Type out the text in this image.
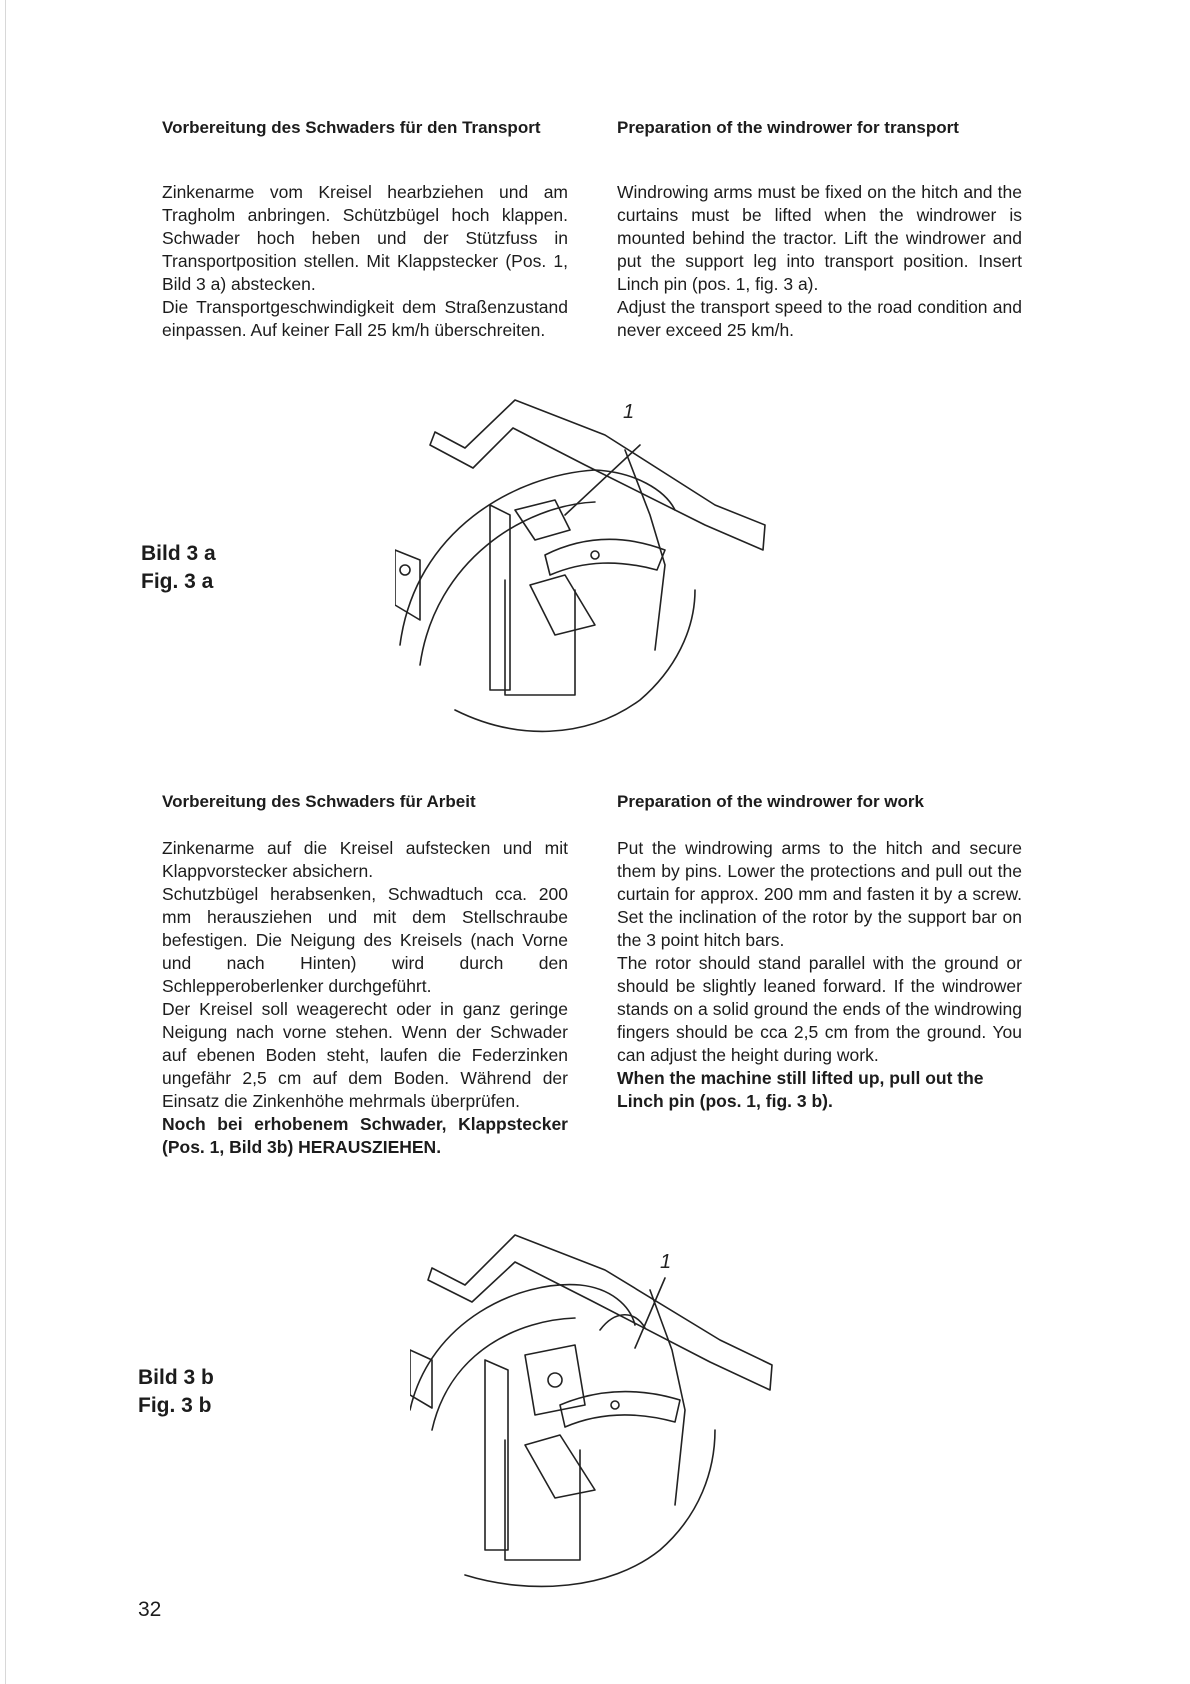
Vorbereitung des Schwaders für den Transport

Zinkenarme vom Kreisel hearbziehen und am Tragholm anbringen. Schützbügel hoch klappen. Schwader hoch heben und der Stützfuss in Transportposition stellen. Mit Klappstecker (Pos. 1, Bild 3 a) abstecken.

Die Transportgeschwindigkeit dem Straßenzustand einpassen. Auf keiner Fall 25 km/h überschreiten.

Preparation of the windrower for transport

Windrowing arms must be fixed on the hitch and the curtains must be lifted when the windrower is mounted behind the tractor. Lift the windrower and put the support leg into transport position. Insert Linch pin (pos. 1, fig. 3 a).

Adjust the transport speed to the road condition and never exceed 25 km/h.

Bild 3 a
Fig. 3 a
1

Vorbereitung des Schwaders für Arbeit

Zinkenarme auf die Kreisel aufstecken und mit Klappvorstecker absichern.

Schutzbügel herabsenken, Schwadtuch cca. 200 mm herausziehen und mit dem Stellschraube befestigen. Die Neigung des Kreisels (nach Vorne und nach Hinten) wird durch den Schlepperoberlenker durchgeführt.

Der Kreisel soll weagerecht oder in ganz geringe Neigung nach vorne stehen. Wenn der Schwader auf ebenen Boden steht, laufen die Federzinken ungefähr 2,5 cm auf dem Boden. Während der Einsatz die Zinkenhöhe mehrmals überprüfen.

Noch bei erhobenem Schwader, Klappstecker (Pos. 1, Bild 3b) HERAUSZIEHEN.

Preparation of the windrower for work

Put the windrowing arms to the hitch and secure them by pins. Lower the protections and pull out the curtain for approx. 200 mm and fasten it by a screw. Set the inclination of the rotor by the support bar on the 3 point hitch bars.

The rotor should stand parallel with the ground or should be slightly leaned forward. If the windrower stands on a solid ground the ends of the windrowing fingers should be cca 2,5 cm from the ground. You can adjust the height during work.

When the machine still lifted up, pull out the Linch pin (pos. 1, fig. 3 b).

Bild 3 b
Fig. 3 b
1
32
